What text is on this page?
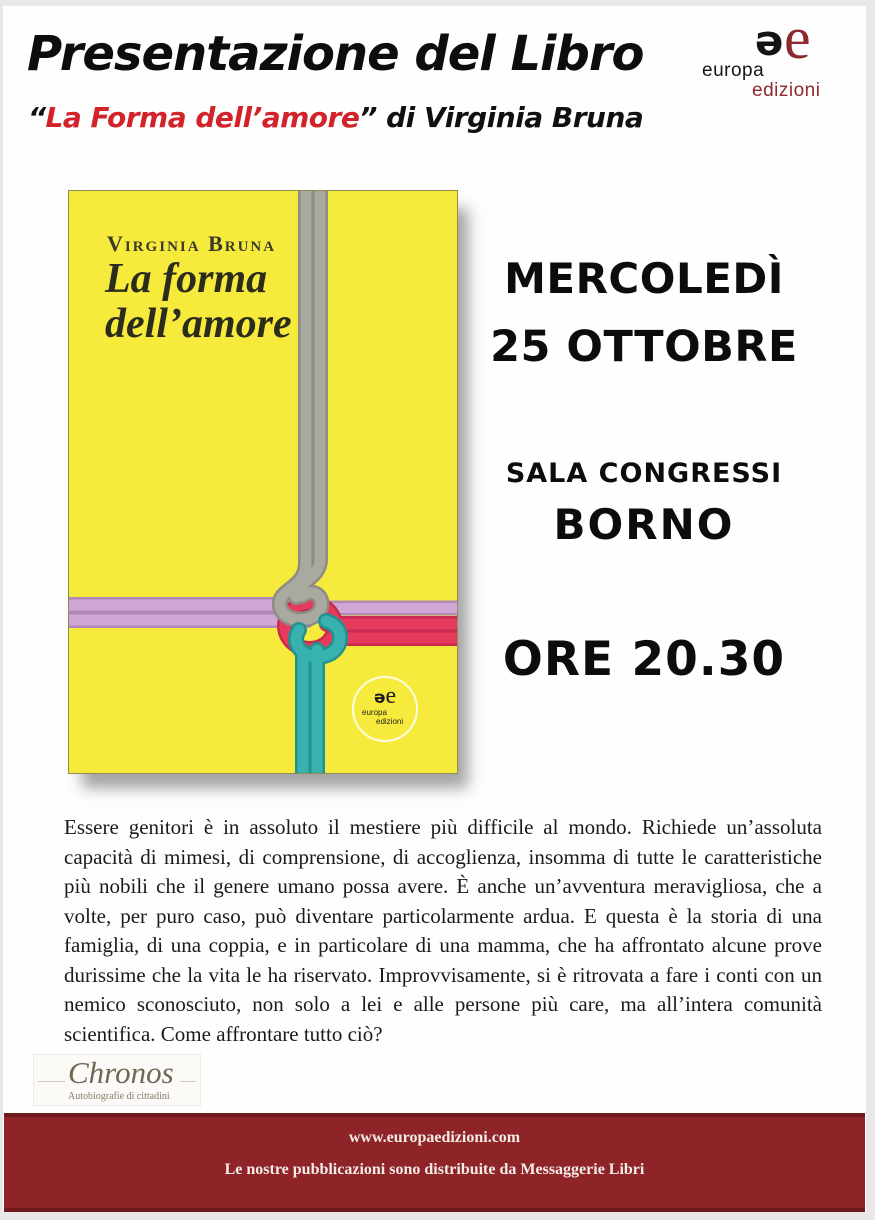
Presentazione del Libro
“La Forma dell’amore” di Virginia Bruna
ǝ e
europa
edizioni
Virginia Bruna
La forma
dell’amore
ǝe
europa
edizioni
MERCOLEDÌ
25 OTTOBRE
SALA CONGRESSI
BORNO
ORE 20.30
Essere genitori è in assoluto il mestiere più difficile al mondo. Richiede un’assoluta capacità di mimesi, di comprensione, di accoglienza, insomma di tutte le caratteristiche più nobili che il genere umano possa avere. È anche un’avventura meravigliosa, che a volte, per puro caso, può diventare particolarmente ardua. E questa è la storia di una famiglia, di una coppia, e in particolare di una mamma, che ha affrontato alcune prove durissime che la vita le ha riservato. Improvvisamente, si è ritrovata a fare i conti con un nemico sconosciuto, non solo a lei e alle persone più care, ma all’intera comunità scientifica. Come affrontare tutto ciò?
Chronos
Autobiografie di cittadini
www.europaedizioni.com
Le nostre pubblicazioni sono distribuite da Messaggerie Libri
